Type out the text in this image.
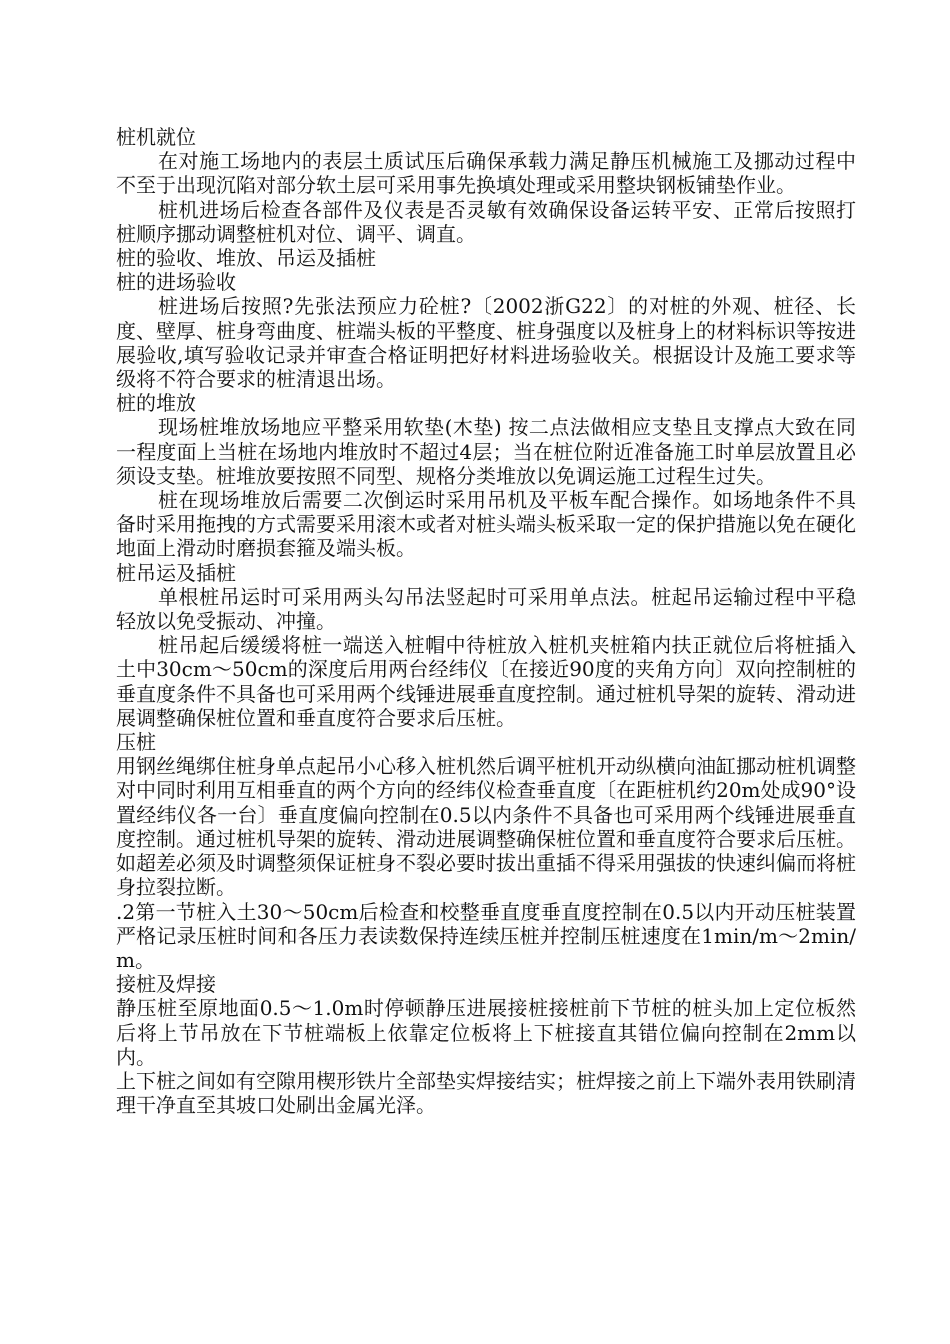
桩机就位

在对施工场地内的表层土质试压后确保承载力满足静压机械施工及挪动过程中不至于出现沉陷对部分软土层可采用事先换填处理或采用整块钢板铺垫作业。

桩机进场后检查各部件及仪表是否灵敏有效确保设备运转平安、正常后按照打桩顺序挪动调整桩机对位、调平、调直。

桩的验收、堆放、吊运及插桩
桩的进场验收

桩进场后按照?先张法预应力砼桩?〔2002浙G22〕的对桩的外观、桩径、长度、壁厚、桩身弯曲度、桩端头板的平整度、桩身强度以及桩身上的材料标识等按进展验收,填写验收记录并审查合格证明把好材料进场验收关。根据设计及施工要求等级将不符合要求的桩清退出场。

桩的堆放

现场桩堆放场地应平整采用软垫(木垫) 按二点法做相应支垫且支撑点大致在同一程度面上当桩在场地内堆放时不超过4层；当在桩位附近准备施工时单层放置且必须设支垫。桩堆放要按照不同型、规格分类堆放以免调运施工过程生过失。

桩在现场堆放后需要二次倒运时采用吊机及平板车配合操作。如场地条件不具备时采用拖拽的方式需要采用滚木或者对桩头端头板采取一定的保护措施以免在硬化地面上滑动时磨损套箍及端头板。

桩吊运及插桩

单根桩吊运时可采用两头勾吊法竖起时可采用单点法。桩起吊运输过程中平稳轻放以免受振动、冲撞。

桩吊起后缓缓将桩一端送入桩帽中待桩放入桩机夹桩箱内扶正就位后将桩插入土中30cm～50cm的深度后用两台经纬仪〔在接近90度的夹角方向〕双向控制桩的垂直度条件不具备也可采用两个线锤进展垂直度控制。通过桩机导架的旋转、滑动进展调整确保桩位置和垂直度符合要求后压桩。

压桩

用钢丝绳绑住桩身单点起吊小心移入桩机然后调平桩机开动纵横向油缸挪动桩机调整对中同时利用互相垂直的两个方向的经纬仪检查垂直度〔在距桩机约20m处成90°设置经纬仪各一台〕垂直度偏向控制在0.5以内条件不具备也可采用两个线锤进展垂直度控制。通过桩机导架的旋转、滑动进展调整确保桩位置和垂直度符合要求后压桩。

如超差必须及时调整须保证桩身不裂必要时拔出重插不得采用强拔的快速纠偏而将桩身拉裂拉断。

.2第一节桩入土30～50cm后检查和校整垂直度垂直度控制在0.5以内开动压桩装置严格记录压桩时间和各压力表读数保持连续压桩并控制压桩速度在1min/m～2min/m。

接桩及焊接

静压桩至原地面0.5～1.0m时停顿静压进展接桩接桩前下节桩的桩头加上定位板然后将上节吊放在下节桩端板上依靠定位板将上下桩接直其错位偏向控制在2mm以内。

上下桩之间如有空隙用楔形铁片全部垫实焊接结实；桩焊接之前上下端外表用铁刷清理干净直至其坡口处刷出金属光泽。
